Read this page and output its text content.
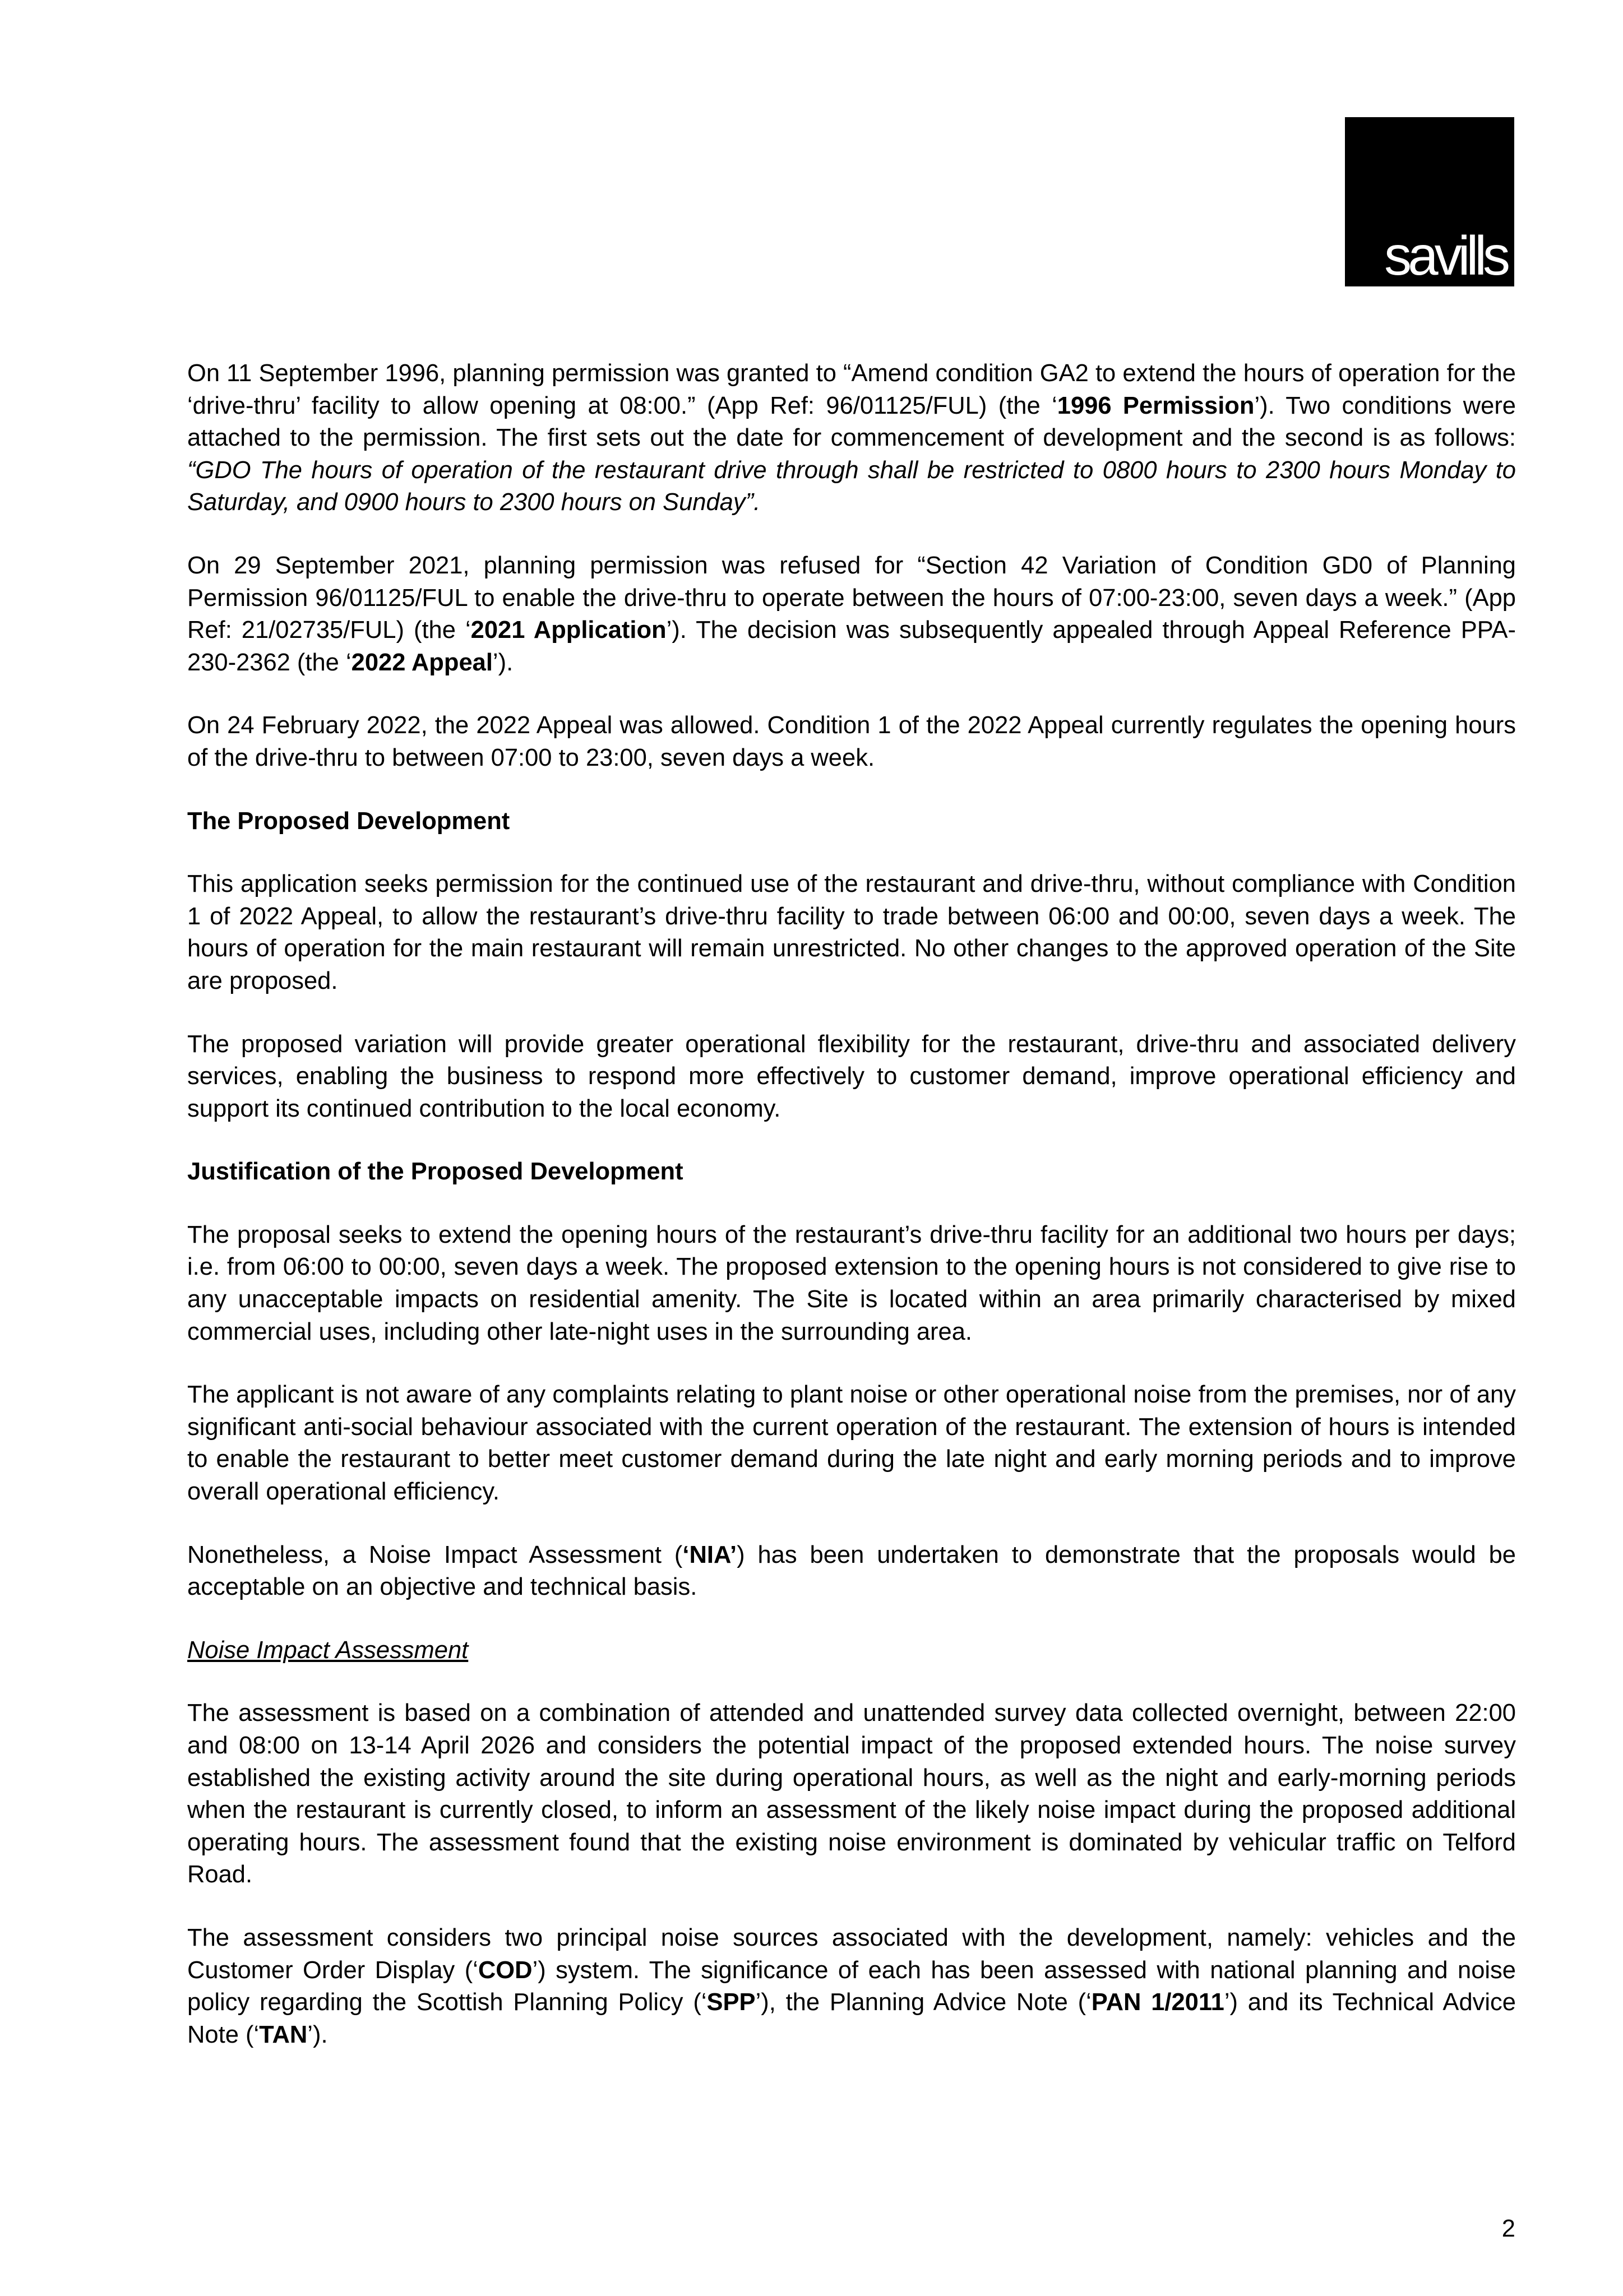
savills

On 11 September 1996, planning permission was granted to “Amend condition GA2 to extend the hours of operation for the ‘drive-thru’ facility to allow opening at 08:00.” (App Ref: 96/01125/FUL) (the ‘1996 Permission’). Two conditions were attached to the permission. The first sets out the date for commencement of development and the second is as follows: “GDO The hours of operation of the restaurant drive through shall be restricted to 0800 hours to 2300 hours Monday to Saturday, and 0900 hours to 2300 hours on Sunday”.

On 29 September 2021, planning permission was refused for “Section 42 Variation of Condition GD0 of Planning Permission 96/01125/FUL to enable the drive-thru to operate between the hours of 07:00-23:00, seven days a week.” (App Ref: 21/02735/FUL) (the ‘2021 Application’). The decision was subsequently appealed through Appeal Reference PPA-230-2362 (the ‘2022 Appeal’).

On 24 February 2022, the 2022 Appeal was allowed. Condition 1 of the 2022 Appeal currently regulates the opening hours of the drive-thru to between 07:00 to 23:00, seven days a week.

The Proposed Development

This application seeks permission for the continued use of the restaurant and drive-thru, without compliance with Condition 1 of 2022 Appeal, to allow the restaurant’s drive-thru facility to trade between 06:00 and 00:00, seven days a week. The hours of operation for the main restaurant will remain unrestricted. No other changes to the approved operation of the Site are proposed.

The proposed variation will provide greater operational flexibility for the restaurant, drive-thru and associated delivery services, enabling the business to respond more effectively to customer demand, improve operational efficiency and support its continued contribution to the local economy.

Justification of the Proposed Development

The proposal seeks to extend the opening hours of the restaurant’s drive-thru facility for an additional two hours per days; i.e. from 06:00 to 00:00, seven days a week. The proposed extension to the opening hours is not considered to give rise to any unacceptable impacts on residential amenity. The Site is located within an area primarily characterised by mixed commercial uses, including other late-night uses in the surrounding area.

The applicant is not aware of any complaints relating to plant noise or other operational noise from the premises, nor of any significant anti-social behaviour associated with the current operation of the restaurant. The extension of hours is intended to enable the restaurant to better meet customer demand during the late night and early morning periods and to improve overall operational efficiency.

Nonetheless, a Noise Impact Assessment (‘NIA’) has been undertaken to demonstrate that the proposals would be acceptable on an objective and technical basis.

Noise Impact Assessment

The assessment is based on a combination of attended and unattended survey data collected overnight, between 22:00 and 08:00 on 13-14 April 2026 and considers the potential impact of the proposed extended hours. The noise survey established the existing activity around the site during operational hours, as well as the night and early-morning periods when the restaurant is currently closed, to inform an assessment of the likely noise impact during the proposed additional operating hours. The assessment found that the existing noise environment is dominated by vehicular traffic on Telford Road.

The assessment considers two principal noise sources associated with the development, namely: vehicles and the Customer Order Display (‘COD’) system. The significance of each has been assessed with national planning and noise policy regarding the Scottish Planning Policy (‘SPP’), the Planning Advice Note (‘PAN 1/2011’) and its Technical Advice Note (‘TAN’).

2
